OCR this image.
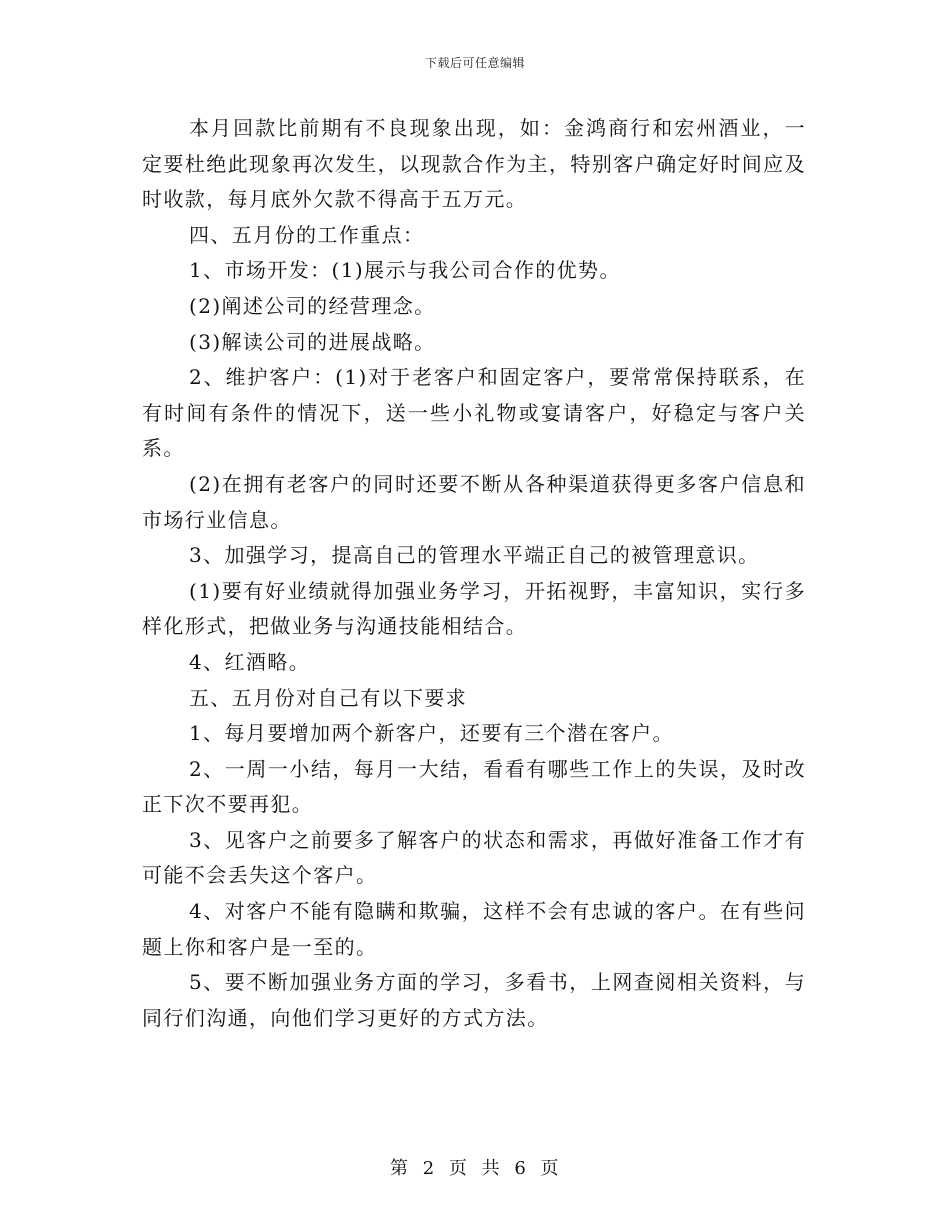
下载后可任意编辑

本月回款比前期有不良现象出现，如：金鸿商行和宏州酒业，一定要杜绝此现象再次发生，以现款合作为主，特别客户确定好时间应及时收款，每月底外欠款不得高于五万元。

四、五月份的工作重点：

1、市场开发：(1)展示与我公司合作的优势。

(2)阐述公司的经营理念。

(3)解读公司的进展战略。

2、维护客户：(1)对于老客户和固定客户，要常常保持联系，在有时间有条件的情况下，送一些小礼物或宴请客户，好稳定与客户关系。

(2)在拥有老客户的同时还要不断从各种渠道获得更多客户信息和市场行业信息。

3、加强学习，提高自己的管理水平端正自己的被管理意识。

(1)要有好业绩就得加强业务学习，开拓视野，丰富知识，实行多样化形式，把做业务与沟通技能相结合。

4、红酒略。

五、五月份对自己有以下要求

1、每月要增加两个新客户，还要有三个潜在客户。

2、一周一小结，每月一大结，看看有哪些工作上的失误，及时改正下次不要再犯。

3、见客户之前要多了解客户的状态和需求，再做好准备工作才有可能不会丢失这个客户。

4、对客户不能有隐瞒和欺骗，这样不会有忠诚的客户。在有些问题上你和客户是一至的。

5、要不断加强业务方面的学习，多看书，上网查阅相关资料，与同行们沟通，向他们学习更好的方式方法。

第 2 页 共 6 页
